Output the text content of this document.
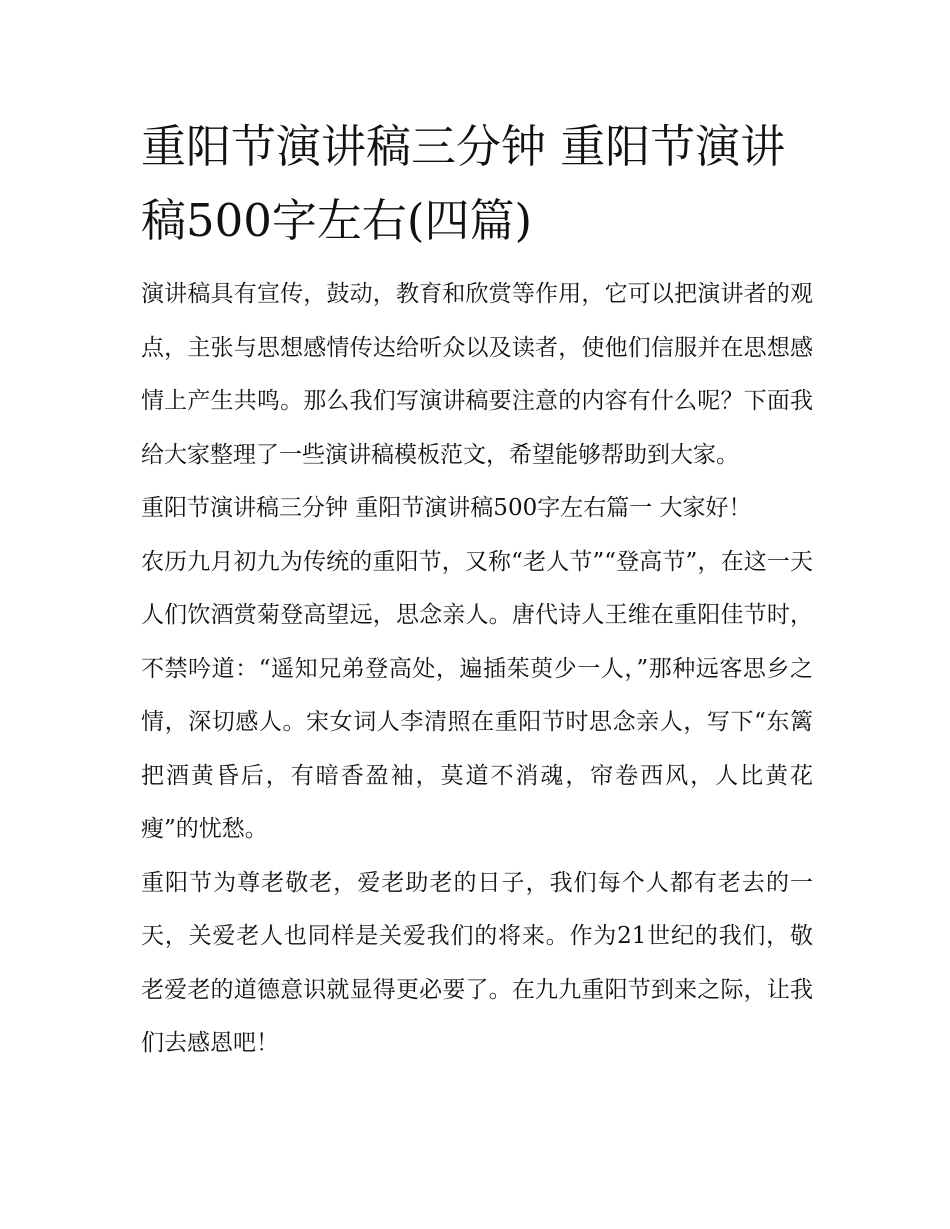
重阳节演讲稿三分钟 重阳节演讲稿500字左右(四篇)

演讲稿具有宣传，鼓动，教育和欣赏等作用，它可以把演讲者的观点，主张与思想感情传达给听众以及读者，使他们信服并在思想感情上产生共鸣。那么我们写演讲稿要注意的内容有什么呢？下面我给大家整理了一些演讲稿模板范文，希望能够帮助到大家。

重阳节演讲稿三分钟 重阳节演讲稿500字左右篇一 大家好！

农历九月初九为传统的重阳节，又称“老人节”“登高节”，在这一天人们饮酒赏菊登高望远，思念亲人。唐代诗人王维在重阳佳节时，不禁吟道：“遥知兄弟登高处，遍插茱萸少一人，”那种远客思乡之情，深切感人。宋女词人李清照在重阳节时思念亲人，写下“东篱把酒黄昏后，有暗香盈袖，莫道不消魂，帘卷西风，人比黄花瘦”的忧愁。

重阳节为尊老敬老，爱老助老的日子，我们每个人都有老去的一天，关爱老人也同样是关爱我们的将来。作为21世纪的我们，敬老爱老的道德意识就显得更必要了。在九九重阳节到来之际，让我们去感恩吧！
